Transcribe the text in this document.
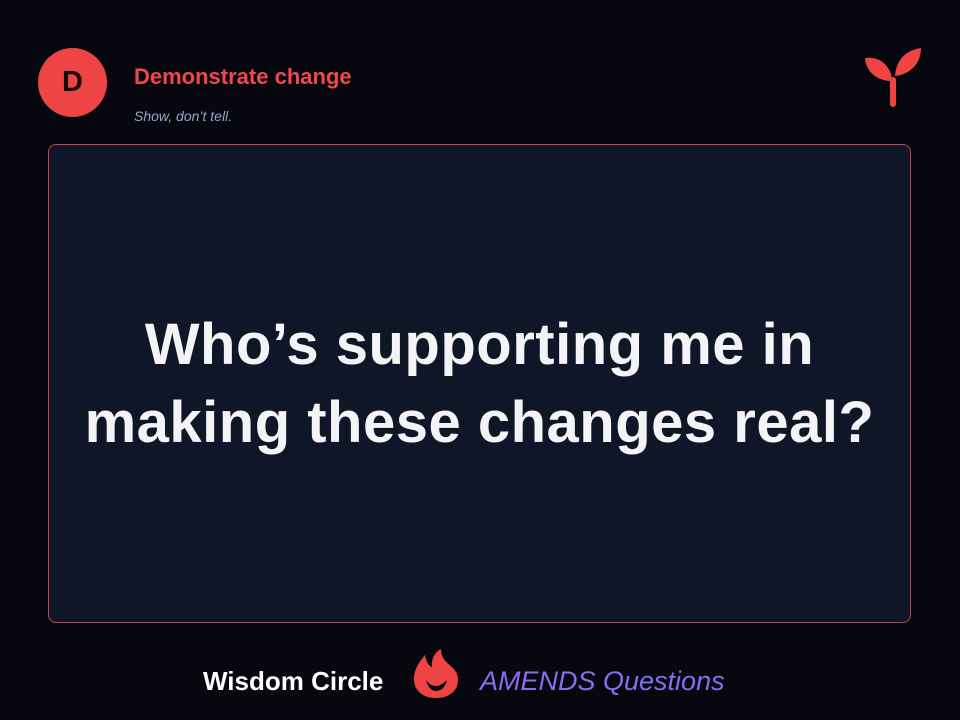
D	Demonstrate change
Show, don’t tell.

Who’s supporting me in making these changes real?

Wisdom Circle	AMENDS Questions
